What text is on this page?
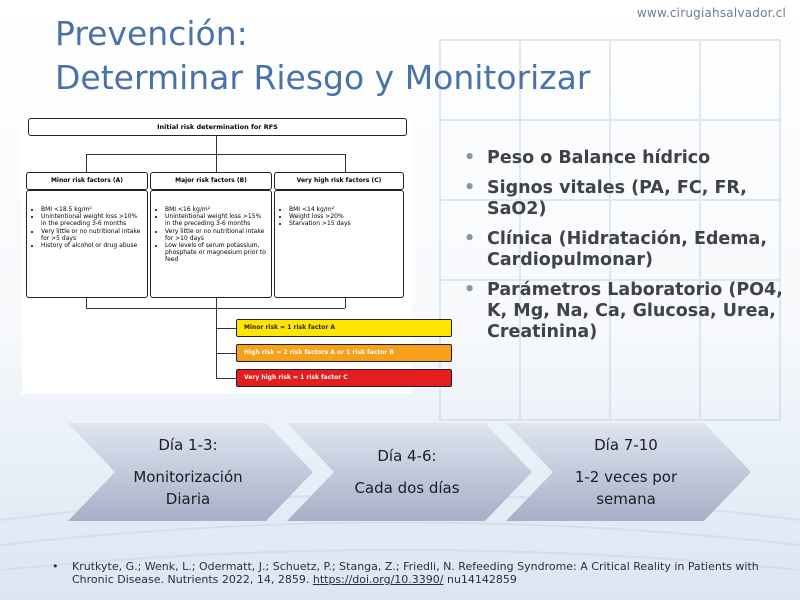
www.cirugiahsalvador.cl
Prevención:
Determinar Riesgo y Monitorizar
Initial risk determination for RFS
Minor risk factors (A)	Major risk factors (B)	Very high risk factors (C)
• BMI <18.5 kg/m²
• Unintentional weight loss >10% in the preceding 3-6 months
• Very little or no nutritional intake for >5 days
• History of alcohol or drug abuse
• BMI <16 kg/m²
• Unintentional weight loss >15% in the preceding 3-6 months
• Very little or no nutritional intake for >10 days
• Low levels of serum potassium, phosphate or magnesium prior to feed
• BMI <14 kg/m²
• Weight loss >20%
• Starvation >15 days
Minor risk = 1 risk factor A
High risk = 2 risk factors A or 1 risk factor B
Very high risk = 1 risk factor C
• Peso o Balance hídrico
• Signos vitales (PA, FC, FR, SaO2)
• Clínica (Hidratación, Edema, Cardiopulmonar)
• Parámetros Laboratorio (PO4, K, Mg, Na, Ca, Glucosa, Urea, Creatinina)
Día 1-3:
Monitorización
Diaria
Día 4-6:
Cada dos días
Día 7-10
1-2 veces por
semana
• Krutkyte, G.; Wenk, L.; Odermatt, J.; Schuetz, P.; Stanga, Z.; Friedli, N. Refeeding Syndrome: A Critical Reality in Patients with Chronic Disease. Nutrients 2022, 14, 2859. https://doi.org/10.3390/ nu14142859
